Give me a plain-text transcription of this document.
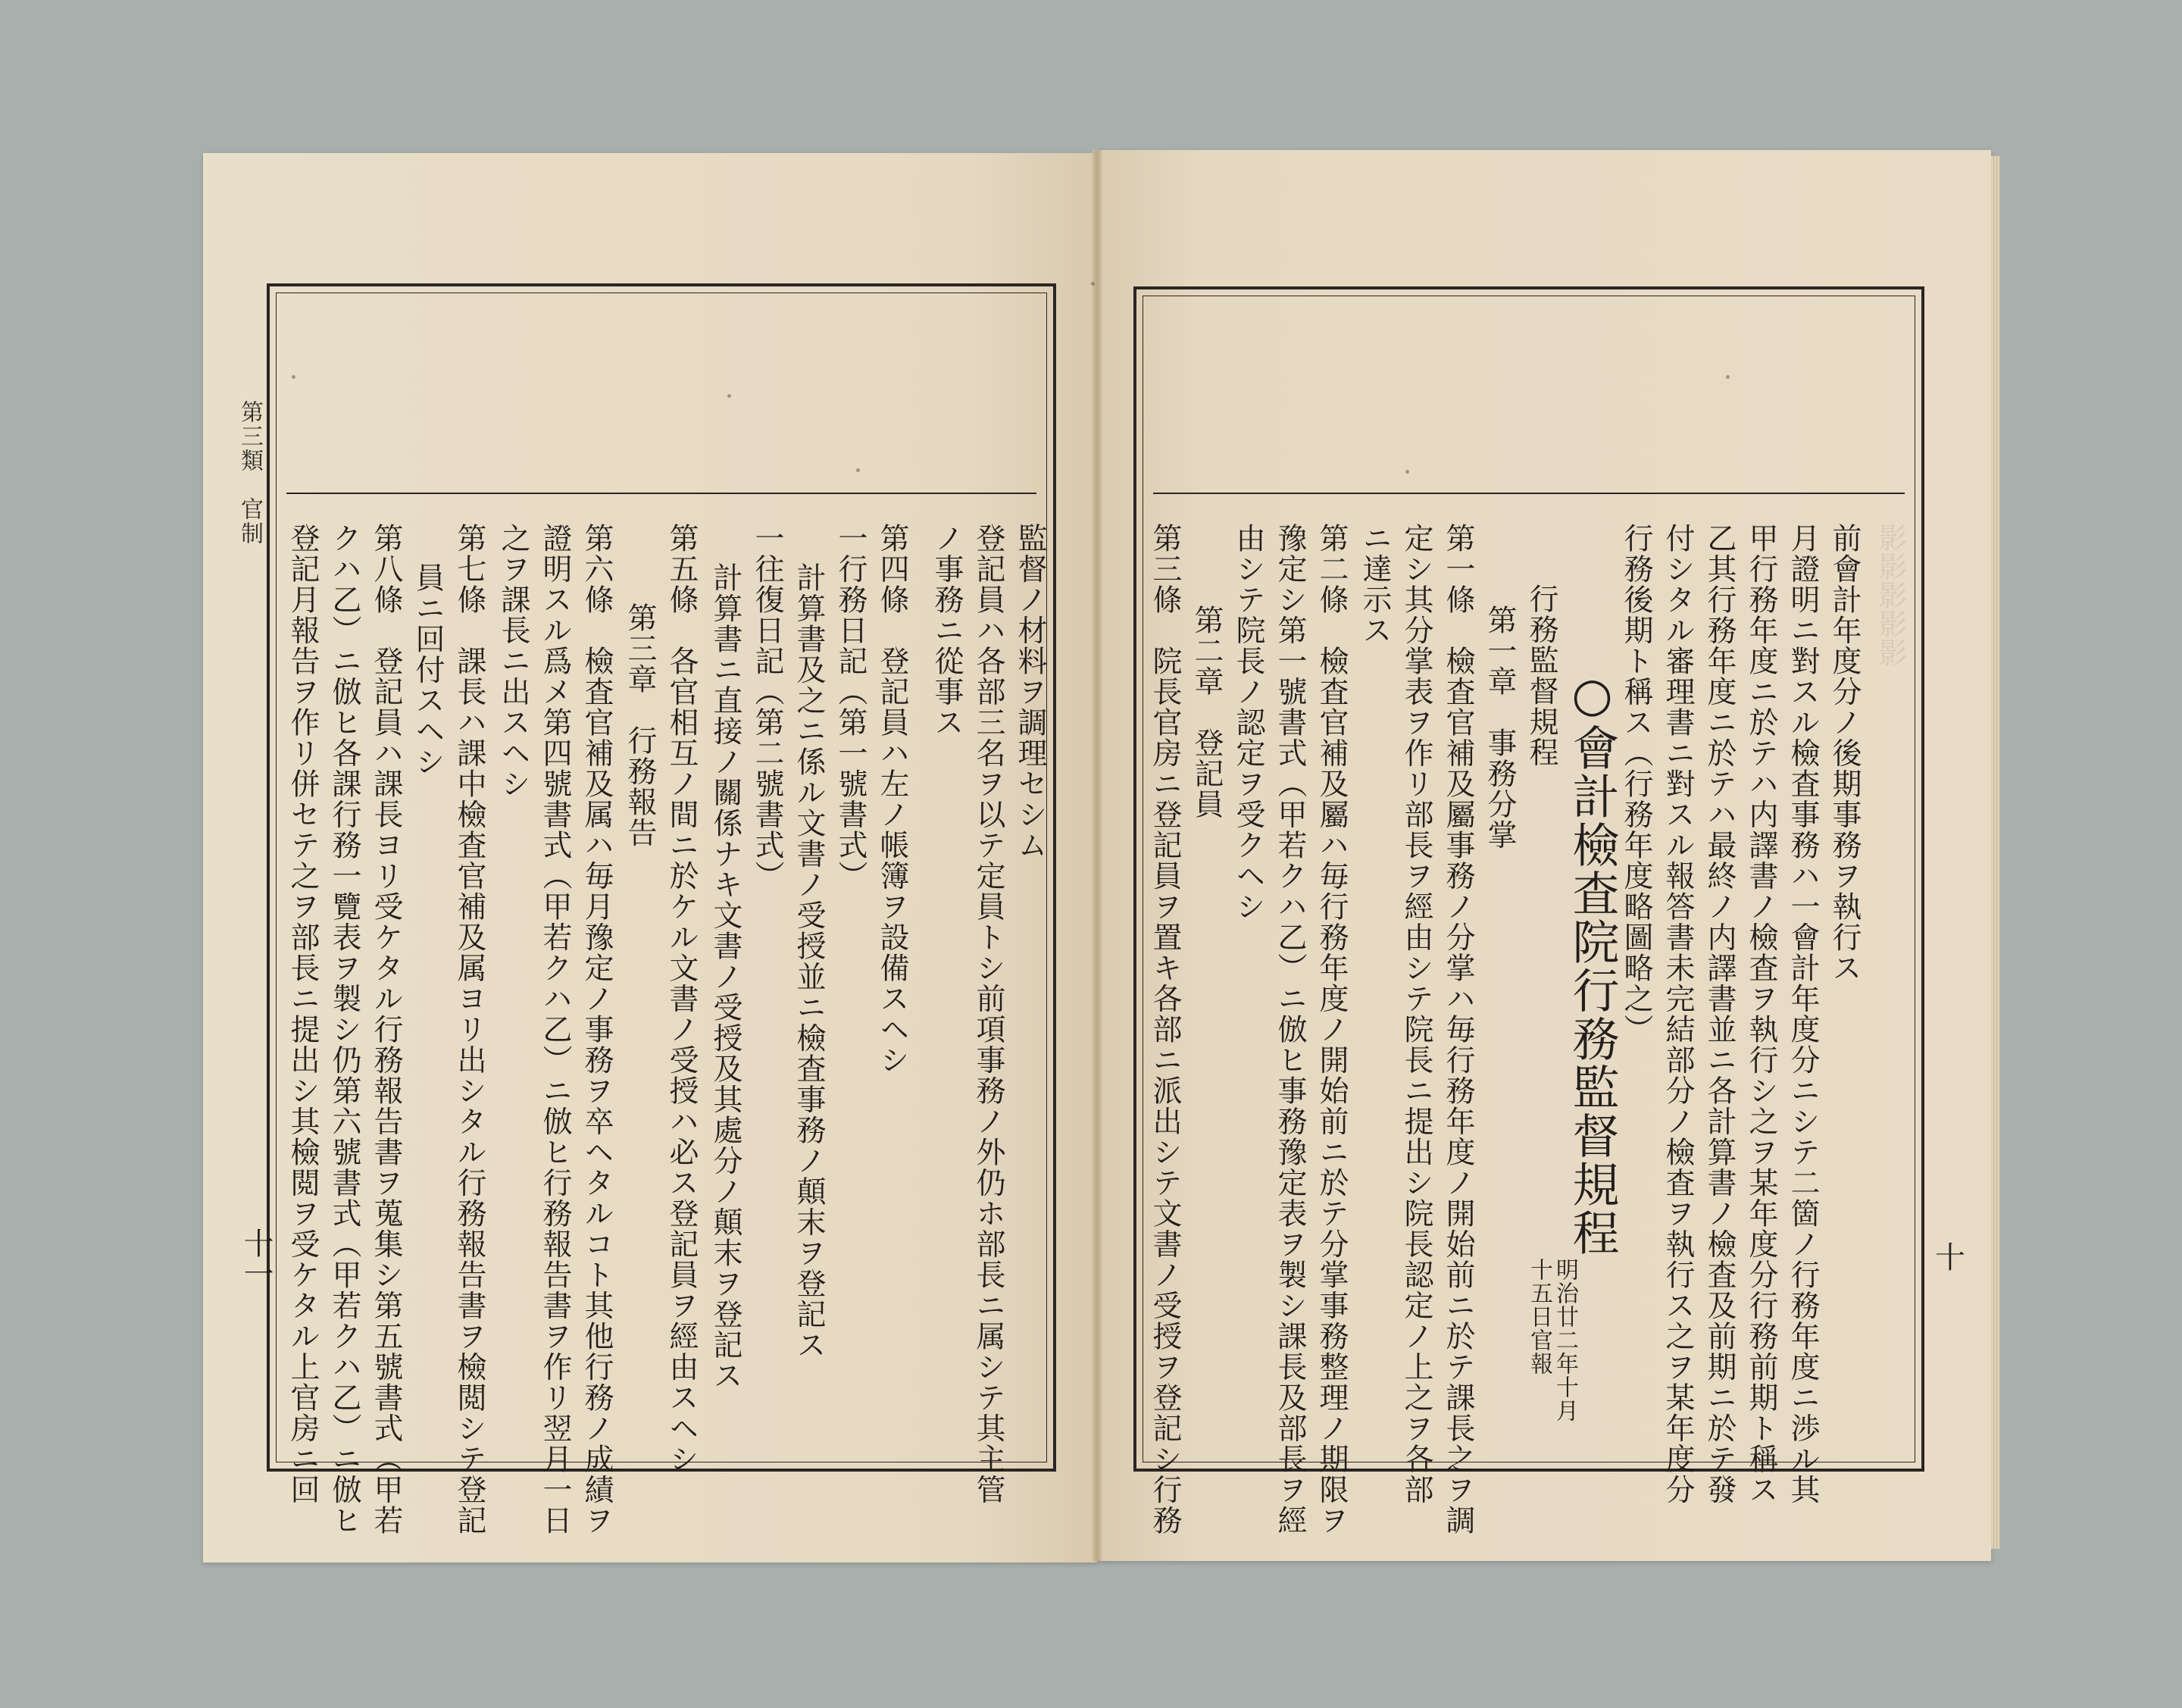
影影影影影
第三類　官制
十一	十
監督ノ材料ヲ調理セシム
登記員ハ各部三名ヲ以テ定員トシ前項事務ノ外仍ホ部長ニ属シテ其主管
ノ事務ニ從事ス
第四條　登記員ハ左ノ帳簿ヲ設備スヘシ
一行務日記（第一號書式）
計算書及之ニ係ル文書ノ受授並ニ檢査事務ノ顛末ヲ登記ス
一往復日記（第二號書式）
計算書ニ直接ノ關係ナキ文書ノ受授及其處分ノ顛末ヲ登記ス
第五條　各官相互ノ間ニ於ケル文書ノ受授ハ必ス登記員ヲ經由スヘシ
第三章　行務報告
第六條　檢査官補及属ハ毎月豫定ノ事務ヲ卒ヘタルコト其他行務ノ成績ヲ
證明スル爲メ第四號書式（甲若クハ乙）ニ倣ヒ行務報告書ヲ作リ翌月一日
之ヲ課長ニ出スヘシ
第七條　課長ハ課中檢査官補及属ヨリ出シタル行務報告書ヲ檢閲シテ登記
員ニ回付スヘシ
第八條　登記員ハ課長ヨリ受ケタル行務報告書ヲ蒐集シ第五號書式（甲若
クハ乙）ニ倣ヒ各課行務一覽表ヲ製シ仍第六號書式（甲若クハ乙）ニ倣ヒ
登記月報告ヲ作リ併セテ之ヲ部長ニ提出シ其檢閲ヲ受ケタル上官房ニ回	前會計年度分ノ後期事務ヲ執行ス
月證明ニ對スル檢査事務ハ一會計年度分ニシテ二箇ノ行務年度ニ渉ル其
甲行務年度ニ於テハ内譯書ノ檢査ヲ執行シ之ヲ某年度分行務前期ト稱ス
乙其行務年度ニ於テハ最終ノ内譯書並ニ各計算書ノ檢査及前期ニ於テ發
付シタル審理書ニ對スル報答書未完結部分ノ檢査ヲ執行ス之ヲ某年度分
行務後期ト稱ス（行務年度略圖略之）
○會計檢査院行務監督規程
明治廿二年十月
十五日官報
行務監督規程
第一章　事務分掌
第一條　檢査官補及屬事務ノ分掌ハ毎行務年度ノ開始前ニ於テ課長之ヲ調
定シ其分掌表ヲ作リ部長ヲ經由シテ院長ニ提出シ院長認定ノ上之ヲ各部
ニ達示ス
第二條　檢査官補及屬ハ毎行務年度ノ開始前ニ於テ分掌事務整理ノ期限ヲ
豫定シ第一號書式（甲若クハ乙）ニ倣ヒ事務豫定表ヲ製シ課長及部長ヲ經
由シテ院長ノ認定ヲ受クヘシ
第二章　登記員
第三條　院長官房ニ登記員ヲ置キ各部ニ派出シテ文書ノ受授ヲ登記シ行務
